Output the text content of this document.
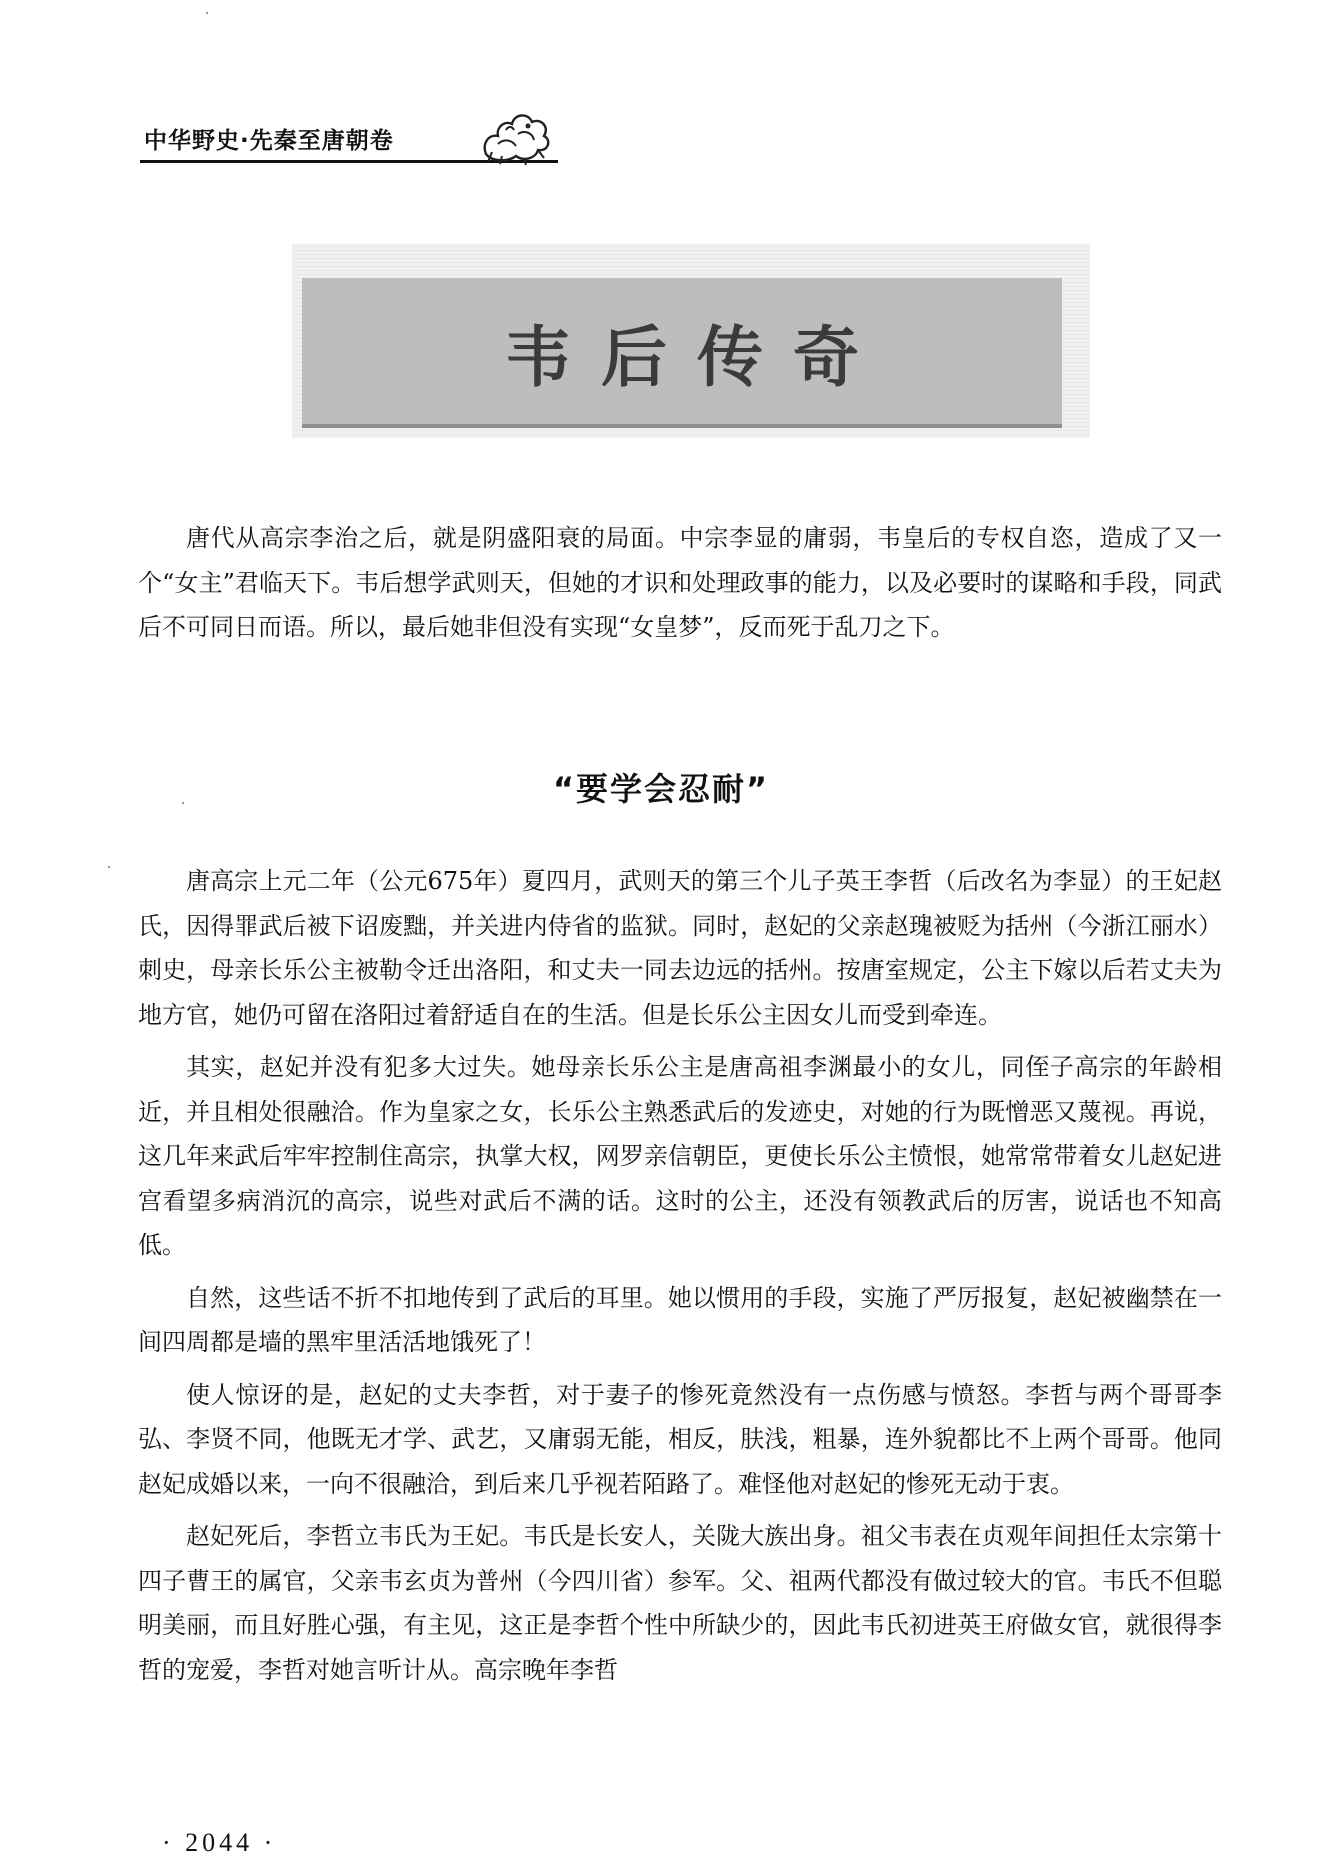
中华野史·先秦至唐朝卷
韦后传奇

唐代从高宗李治之后，就是阴盛阳衰的局面。中宗李显的庸弱，韦皇后的专权自恣，造成了又一个“女主”君临天下。韦后想学武则天，但她的才识和处理政事的能力，以及必要时的谋略和手段，同武后不可同日而语。所以，最后她非但没有实现“女皇梦”，反而死于乱刀之下。

“要学会忍耐”

唐高宗上元二年（公元675年）夏四月，武则天的第三个儿子英王李哲（后改名为李显）的王妃赵氏，因得罪武后被下诏废黜，并关进内侍省的监狱。同时，赵妃的父亲赵瑰被贬为括州（今浙江丽水）刺史，母亲长乐公主被勒令迁出洛阳，和丈夫一同去边远的括州。按唐室规定，公主下嫁以后若丈夫为地方官，她仍可留在洛阳过着舒适自在的生活。但是长乐公主因女儿而受到牵连。

其实，赵妃并没有犯多大过失。她母亲长乐公主是唐高祖李渊最小的女儿，同侄子高宗的年龄相近，并且相处很融洽。作为皇家之女，长乐公主熟悉武后的发迹史，对她的行为既憎恶又蔑视。再说，这几年来武后牢牢控制住高宗，执掌大权，网罗亲信朝臣，更使长乐公主愤恨，她常常带着女儿赵妃进宫看望多病消沉的高宗，说些对武后不满的话。这时的公主，还没有领教武后的厉害，说话也不知高低。

自然，这些话不折不扣地传到了武后的耳里。她以惯用的手段，实施了严厉报复，赵妃被幽禁在一间四周都是墙的黑牢里活活地饿死了！

使人惊讶的是，赵妃的丈夫李哲，对于妻子的惨死竟然没有一点伤感与愤怒。李哲与两个哥哥李弘、李贤不同，他既无才学、武艺，又庸弱无能，相反，肤浅，粗暴，连外貌都比不上两个哥哥。他同赵妃成婚以来，一向不很融洽，到后来几乎视若陌路了。难怪他对赵妃的惨死无动于衷。

赵妃死后，李哲立韦氏为王妃。韦氏是长安人，关陇大族出身。祖父韦表在贞观年间担任太宗第十四子曹王的属官，父亲韦玄贞为普州（今四川省）参军。父、祖两代都没有做过较大的官。韦氏不但聪明美丽，而且好胜心强，有主见，这正是李哲个性中所缺少的，因此韦氏初进英王府做女官，就很得李哲的宠爱，李哲对她言听计从。高宗晚年李哲

· 2044 ·
